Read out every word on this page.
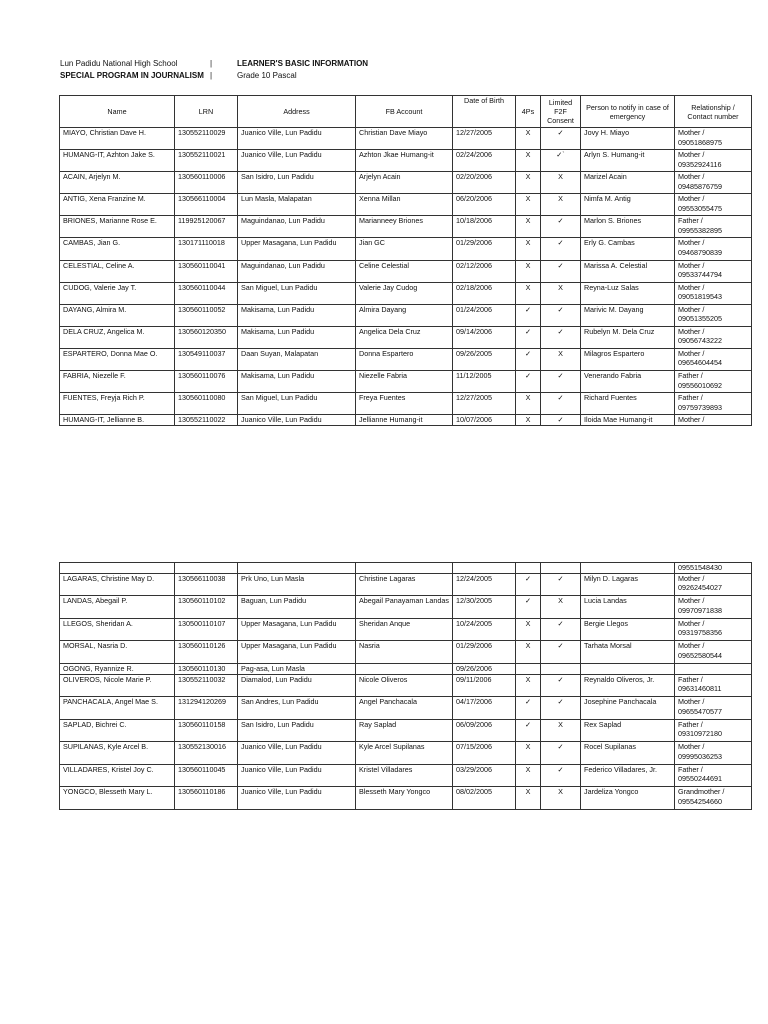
Lun Padidu National High School	|	LEARNER'S BASIC INFORMATION
SPECIAL PROGRAM IN JOURNALISM |	Grade 10 Pascal
Name	LRN	Address	FB Account	Date of Birth	4Ps	Limited F2F Consent	Person to notify in case of emergency	Relationship / Contact number
MIAYO, Christian Dave H.	130552110029	Juanico Ville, Lun Padidu	Christian Dave Miayo	12/27/2005	X	✓	Jovy H. Miayo	Mother /
09051868975

HUMANG-IT, Azhton Jake S.	130552110021	Juanico Ville, Lun Padidu	Azhton Jkae Humang-it	02/24/2006	X	✓`	Arlyn S. Humang-it	Mother /
09352924116

ACAIN, Arjelyn M.	130560110006	San Isidro, Lun Padidu	Arjelyn Acain	02/20/2006	X	X	Marizel Acain	Mother /
09485876759

ANTIG, Xena Franzine M.	130566110004	Lun Masla, Malapatan	Xenna Millan	06/20/2006	X	X	Nimfa M. Antig	Mother /
09553055475

BRIONES, Marianne Rose E.	119925120067	Maguindanao, Lun Padidu	Marianneey Briones	10/18/2006	X	✓	Marlon S. Briones	Father /
09955382895

CAMBAS, Jian G.	130171110018	Upper Masagana, Lun Padidu	Jian GC	01/29/2006	X	✓	Erly G. Cambas	Mother /
09468790839

CELESTIAL, Celine A.	130560110041	Maguindanao, Lun Padidu	Celine Celestial	02/12/2006	X	✓	Marissa A. Celestial	Mother /
09533744794

CUDOG, Valerie Jay T.	130560110044	San Miguel, Lun Padidu	Valerie Jay Cudog	02/18/2006	X	X	Reyna-Luz Salas	Mother /
09051819543

DAYANG, Almira M.	130560110052	Makisama, Lun Padidu	Almira Dayang	01/24/2006	✓	✓	Marivic M. Dayang	Mother /
09051355205

DELA CRUZ, Angelica M.	130560120350	Makisama, Lun Padidu	Angelica Dela Cruz	09/14/2006	✓	✓	Rubelyn M. Dela Cruz	Mother /
09056743222

ESPARTERO, Donna Mae O.	130549110037	Daan Suyan, Malapatan	Donna Espartero	09/26/2005	✓	X	Milagros Espartero	Mother /
09654604454

FABRIA, Niezelle F.	130560110076	Makisama, Lun Padidu	Niezelle Fabria	11/12/2005	✓	✓	Venerando Fabria	Father /
09556010692

FUENTES, Freyja Rich P.	130560110080	San Miguel, Lun Padidu	Freya Fuentes	12/27/2005	X	✓	Richard Fuentes	Father /
09759739893

HUMANG-IT, Jellianne B.	130552110022	Juanico Ville, Lun Padidu	Jellianne Humang-it	10/07/2006	X	✓	Iloida Mae Humang-it	Mother /
								09551548430
LAGARAS, Christine May D.	130566110038	Prk Uno, Lun Masla	Christine Lagaras	12/24/2005	✓	✓	Milyn D. Lagaras	Mother /
09262454027

LANDAS, Abegail P.	130560110102	Baguan, Lun Padidu	Abegail Panayaman Landas	12/30/2005	✓	X	Lucia Landas	Mother /
09970971838

LLEGOS, Sheridan A.	130500110107	Upper Masagana, Lun Padidu	Sheridan Anque	10/24/2005	X	✓	Bergie Llegos	Mother /
09319758356

MORSAL, Nasria D.	130560110126	Upper Masagana, Lun Padidu	Nasria	01/29/2006	X	✓	Tarhata Morsal	Mother /
09652580544

OGONG, Ryannize R.	130560110130	Pag-asa, Lun Masla		09/26/2006				

OLIVEROS, Nicole Marie P.	130552110032	Diamalod, Lun Padidu	Nicole Oliveros	09/11/2006	X	✓	Reynaldo Oliveros, Jr.	Father /
09631460811

PANCHACALA, Angel Mae S.	131294120269	San Andres, Lun Padidu	Angel Panchacala	04/17/2006	✓	✓	Josephine Panchacala	Mother /
09655470577

SAPLAD, Bichrei C.	130560110158	San Isidro, Lun Padidu	Ray Saplad	06/09/2006	✓	X	Rex Saplad	Father /
09310972180

SUPILANAS, Kyle Arcel B.	130552130016	Juanico Ville, Lun Padidu	Kyle Arcel Supilanas	07/15/2006	X	✓	Rocel Supilanas	Mother /
09995036253

VILLADARES, Kristel Joy C.	130560110045	Juanico Ville, Lun Padidu	Kristel Villadares	03/29/2006	X	✓	Federico Villadares, Jr.	Father /
09550244691

YONGCO, Blesseth Mary L.	130560110186	Juanico Ville, Lun Padidu	Blesseth Mary Yongco	08/02/2005	X	X	Jardeliza Yongco	Grandmother /
09554254660
